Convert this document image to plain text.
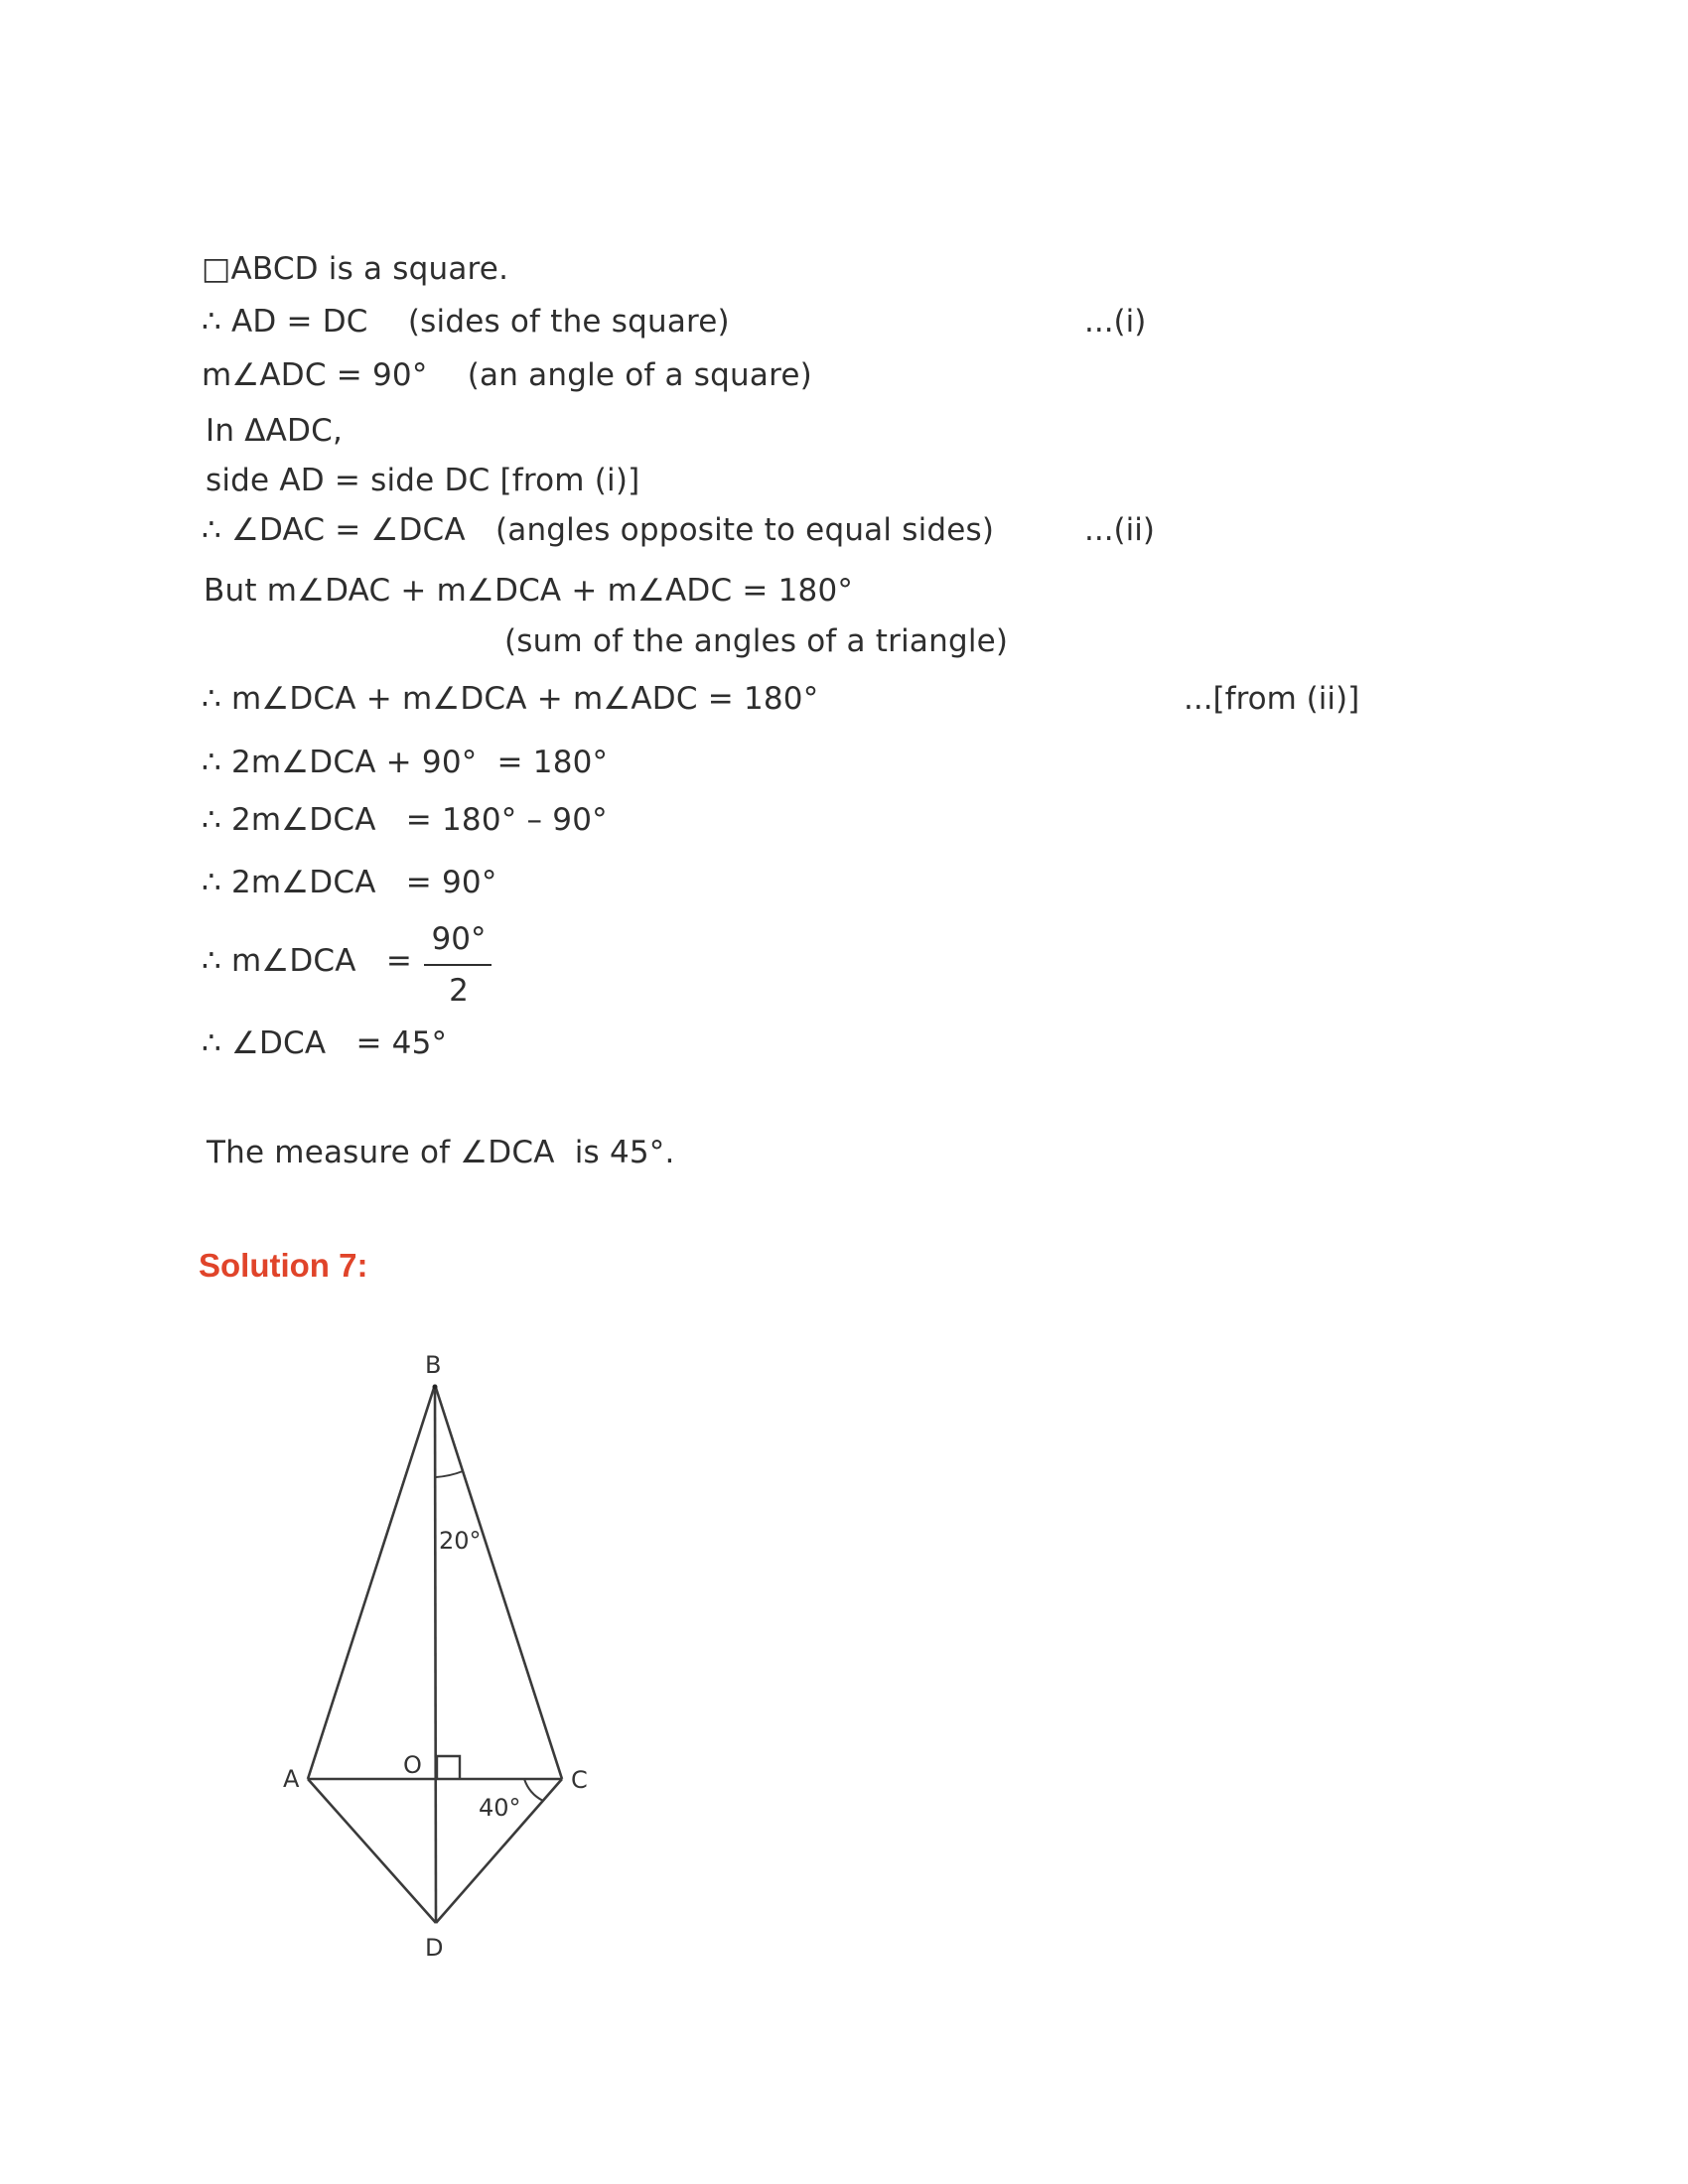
□ABCD is a square.
∴ AD = DC    (sides of the square)	...(i)
m∠ADC = 90°    (an angle of a square)
In ΔADC,
side AD = side DC [from (i)]
∴ ∠DAC = ∠DCA   (angles opposite to equal sides)	...(ii)
But m∠DAC + m∠DCA + m∠ADC = 180°
(sum of the angles of a triangle)
∴ m∠DCA + m∠DCA + m∠ADC = 180°	...[from (ii)]
∴ 2m∠DCA + 90°  = 180°
∴ 2m∠DCA   = 180° – 90°
∴ 2m∠DCA   = 90°
∴ m∠DCA   =
90°
2
∴ ∠DCA   = 45°
The measure of ∠DCA  is 45°.
Solution 7:
B
A	O
C
D
20°
40°
